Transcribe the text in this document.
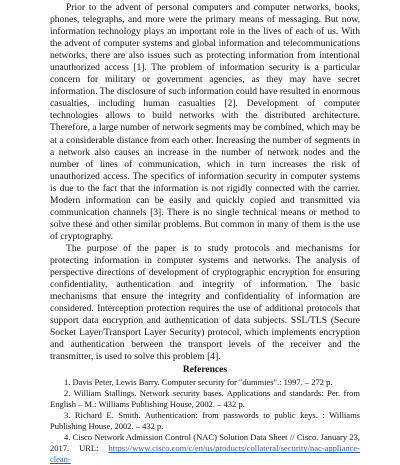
Prior to the advent of personal computers and computer networks, books, phones, telegraphs, and more were the primary means of messaging. But now, information technology plays an important role in the lives of each of us. With the advent of computer systems and global information and telecommunications networks, there are also issues such as protecting information from intentional unauthorized access [1]. The problem of information security is a particular concern for military or government agencies, as they may have secret information. The disclosure of such information could have resulted in enormous casualties, including human casualties [2]. Development of computer technologies allows to build networks with the distributed architecture. Therefore, a large number of network segments may be combined, which may be at a considerable distance from each other. Increasing the number of segments in a network also causes an increase in the number of network nodes and the number of lines of communication, which in turn increases the risk of unauthorized access. The specifics of information security in computer systems is due to the fact that the information is not rigidly connected with the carrier. Modern information can be easily and quickly copied and transmitted via communication channels [3]. There is no single technical means or method to solve these and other similar problems. But common in many of them is the use of cryptography.

The purpose of the paper is to study protocols and mechanisms for protecting information in computer systems and networks. The analysis of perspective directions of development of cryptographic encryption for ensuring confidentiality, authentication and integrity of information. The basic mechanisms that ensure the integrity and confidentiality of information are considered. Interception protection requires the use of additional protocols that support data encryption and authentication of data subjects. SSL/TLS (Secure Socket Layer/Transport Layer Security) protocol, which implements encryption and authentication between the transport levels of the receiver and the transmitter, is used to solve this problem [4].

References
1. Davis Peter, Lewis Barry. Computer security for "dummies".: 1997. – 272 p.
2. William Stallings. Network security bases. Applications and standards: Per. from English – M.: Williams Publishing House, 2002. – 432 p.
3. Richard E. Smith. Authentication: from passwords to public keys. : Williams Publishing House, 2002. – 432 p.
4. Cisco Network Admission Control (NAC) Solution Data Sheet // Cisco. January 23, 2017. URL: https://www.cisco.com/c/en/us/products/collateral/security/nac-appliance-clean-
